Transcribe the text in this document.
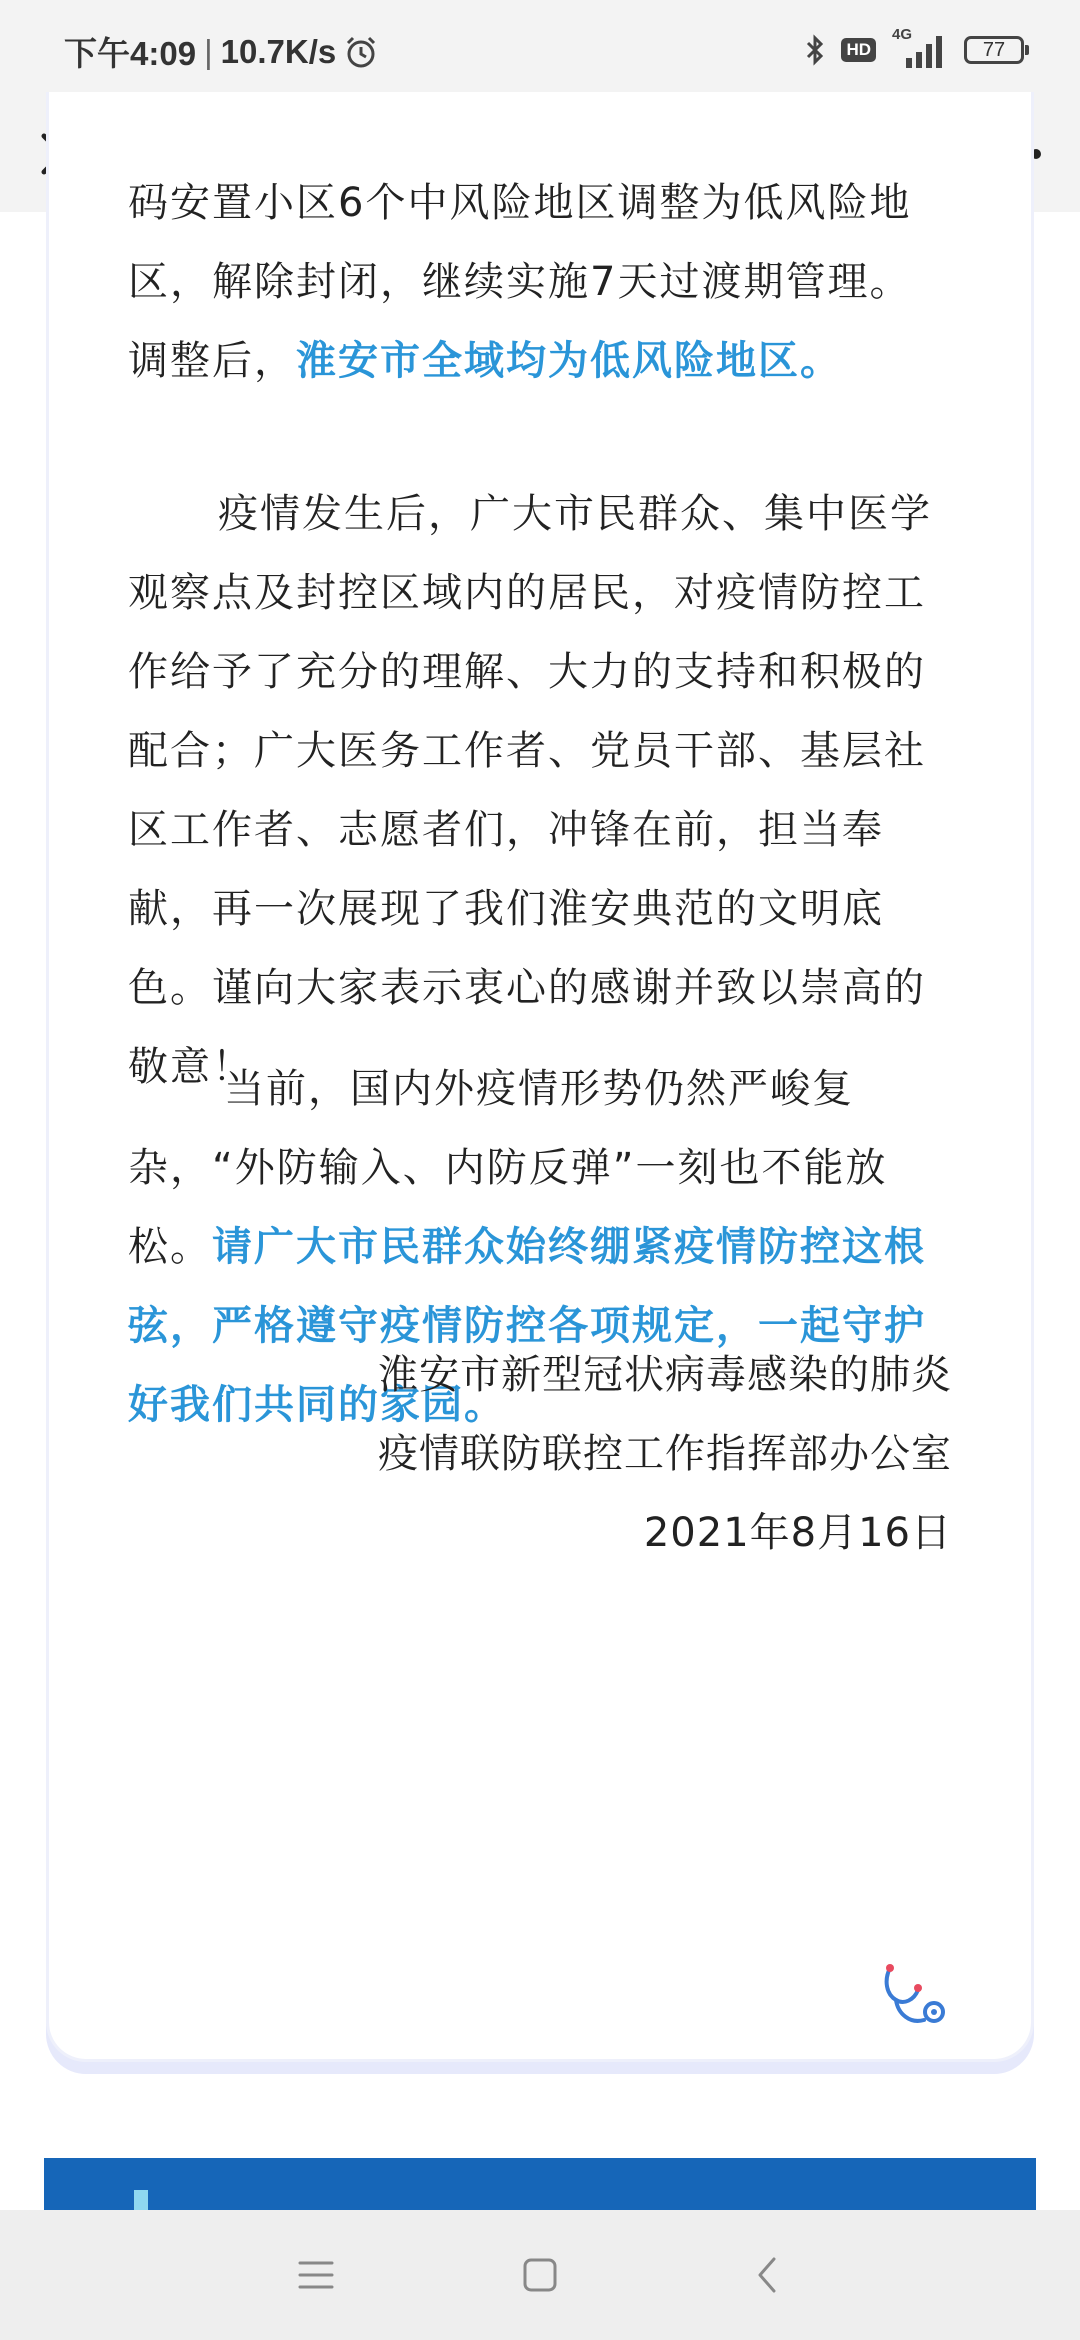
下午4:09 | 10.7K/s	HD
4G
77
码安置小区6个中风险地区调整为低风险地
区，解除封闭，继续实施7天过渡期管理。
调整后，淮安市全域均为低风险地区。

疫情发生后，广大市民群众、集中医学观察点及封控区域内的居民，对疫情防控工作给予了充分的理解、大力的支持和积极的配合；广大医务工作者、党员干部、基层社区工作者、志愿者们，冲锋在前，担当奉献，再一次展现了我们淮安典范的文明底色。谨向大家表示衷心的感谢并致以崇高的敬意！

当前，国内外疫情形势仍然严峻复杂，“外防输入、内防反弹”一刻也不能放松。请广大市民群众始终绷紧疫情防控这根弦，严格遵守疫情防控各项规定，一起守护好我们共同的家园。

淮安市新型冠状病毒感染的肺炎
疫情联防联控工作指挥部办公室
2021年8月16日
